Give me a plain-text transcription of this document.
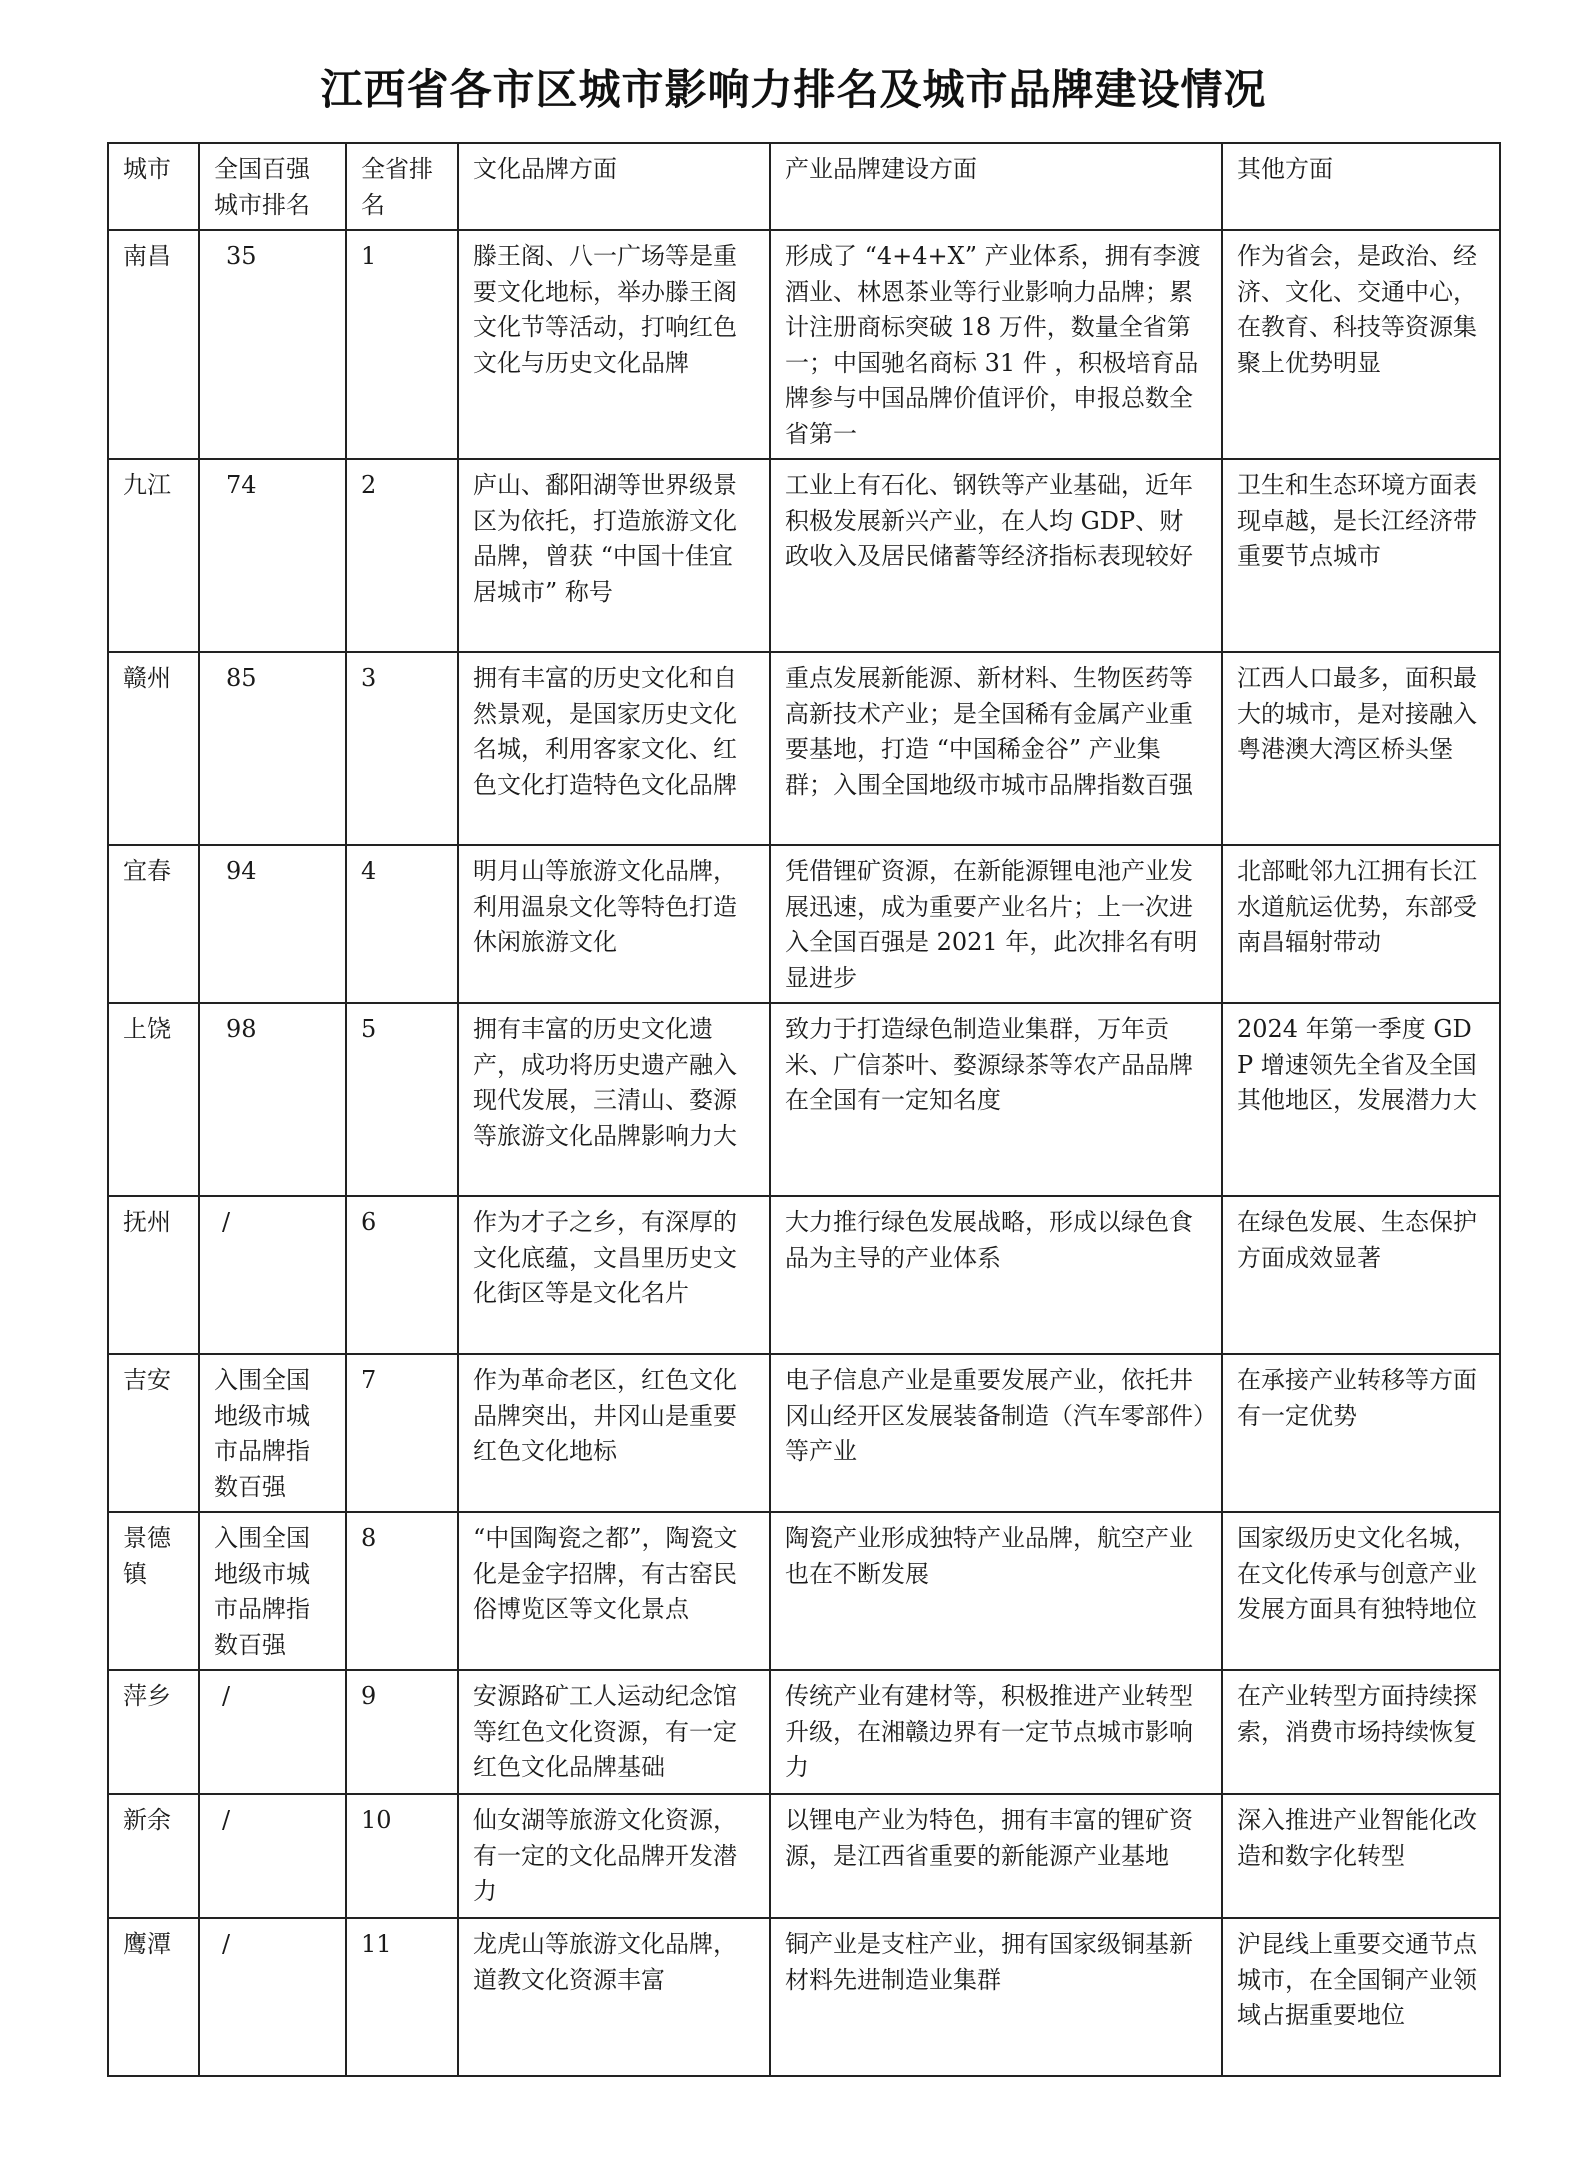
江西省各市区城市影响力排名及城市品牌建设情况
城市	全国百强城市排名	全省排名	文化品牌方面	产业品牌建设方面	其他方面
南昌	35	1	滕王阁、八一广场等是重要文化地标，举办滕王阁文化节等活动，打响红色文化与历史文化品牌	形成了 “4+4+X” 产业体系，拥有李渡酒业、林恩茶业等行业影响力品牌；累计注册商标突破 18 万件，数量全省第一；中国驰名商标 31 件 ，积极培育品牌参与中国品牌价值评价，申报总数全省第一	作为省会，是政治、经济、文化、交通中心，在教育、科技等资源集聚上优势明显
九江	74	2	庐山、鄱阳湖等世界级景区为依托，打造旅游文化品牌，曾获 “中国十佳宜居城市” 称号	工业上有石化、钢铁等产业基础，近年积极发展新兴产业，在人均 GDP、财政收入及居民储蓄等经济指标表现较好	卫生和生态环境方面表现卓越，是长江经济带重要节点城市
赣州	85	3	拥有丰富的历史文化和自然景观，是国家历史文化名城，利用客家文化、红色文化打造特色文化品牌	重点发展新能源、新材料、生物医药等高新技术产业；是全国稀有金属产业重要基地，打造 “中国稀金谷” 产业集群；入围全国地级市城市品牌指数百强	江西人口最多，面积最大的城市，是对接融入粤港澳大湾区桥头堡
宜春	94	4	明月山等旅游文化品牌，利用温泉文化等特色打造休闲旅游文化	凭借锂矿资源，在新能源锂电池产业发展迅速，成为重要产业名片；上一次进入全国百强是 2021 年，此次排名有明显进步	北部毗邻九江拥有长江水道航运优势，东部受南昌辐射带动
上饶	98	5	拥有丰富的历史文化遗产，成功将历史遗产融入现代发展，三清山、婺源等旅游文化品牌影响力大	致力于打造绿色制造业集群，万年贡米、广信茶叶、婺源绿茶等农产品品牌在全国有一定知名度	2024 年第一季度 GDP 增速领先全省及全国其他地区，发展潜力大
抚州	/	6	作为才子之乡，有深厚的文化底蕴，文昌里历史文化街区等是文化名片	大力推行绿色发展战略，形成以绿色食品为主导的产业体系	在绿色发展、生态保护方面成效显著
吉安	入围全国地级市城市品牌指数百强	7	作为革命老区，红色文化品牌突出，井冈山是重要红色文化地标	电子信息产业是重要发展产业，依托井冈山经开区发展装备制造（汽车零部件）等产业	在承接产业转移等方面有一定优势
景德镇	入围全国地级市城市品牌指数百强	8	“中国陶瓷之都”，陶瓷文化是金字招牌，有古窑民俗博览区等文化景点	陶瓷产业形成独特产业品牌，航空产业也在不断发展	国家级历史文化名城，在文化传承与创意产业发展方面具有独特地位
萍乡	/	9	安源路矿工人运动纪念馆等红色文化资源，有一定红色文化品牌基础	传统产业有建材等，积极推进产业转型升级，在湘赣边界有一定节点城市影响力	在产业转型方面持续探索，消费市场持续恢复
新余	/	10	仙女湖等旅游文化资源，有一定的文化品牌开发潜力	以锂电产业为特色，拥有丰富的锂矿资源，是江西省重要的新能源产业基地	深入推进产业智能化改造和数字化转型
鹰潭	/	11	龙虎山等旅游文化品牌，道教文化资源丰富	铜产业是支柱产业，拥有国家级铜基新材料先进制造业集群	沪昆线上重要交通节点城市，在全国铜产业领域占据重要地位
